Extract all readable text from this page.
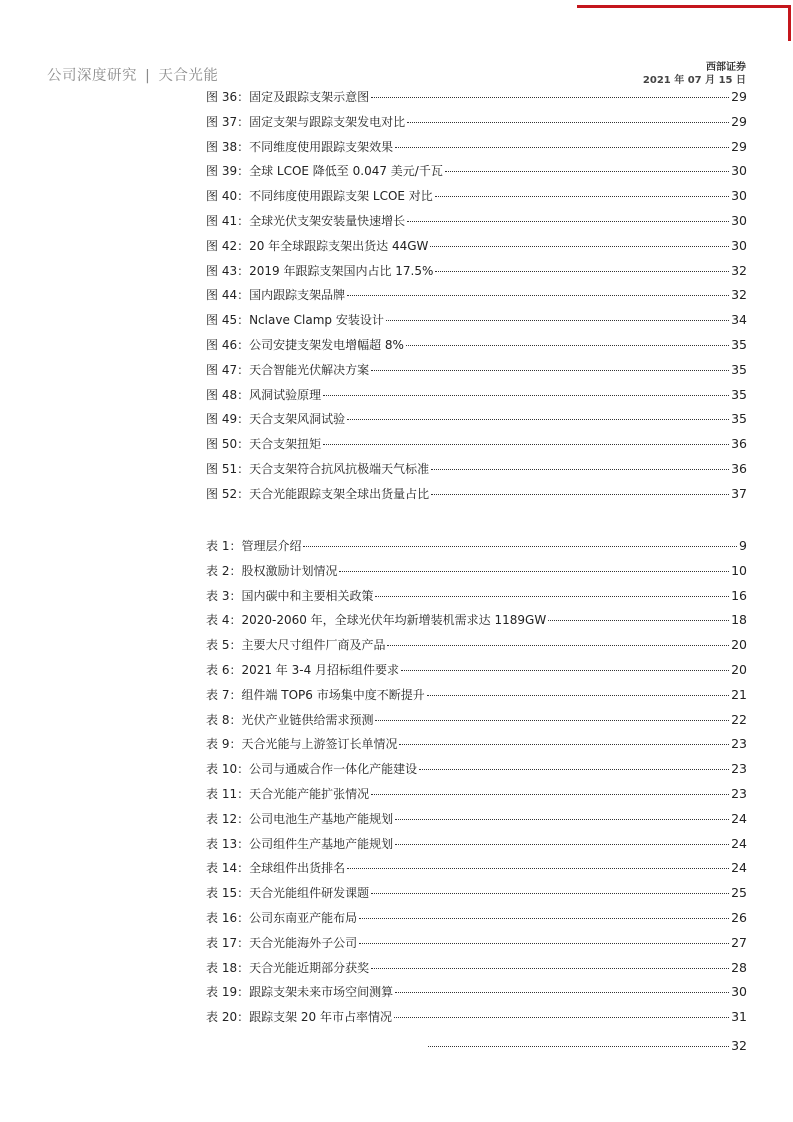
公司深度研究 | 天合光能
西部证券
2021 年 07 月 15 日
图 36：固定及跟踪支架示意图	29
图 37：固定支架与跟踪支架发电对比	29
图 38：不同维度使用跟踪支架效果	29
图 39：全球 LCOE 降低至 0.047 美元/千瓦	30
图 40：不同纬度使用跟踪支架 LCOE 对比	30
图 41：全球光伏支架安装量快速增长	30
图 42：20 年全球跟踪支架出货达 44GW	30
图 43：2019 年跟踪支架国内占比 17.5%	32
图 44：国内跟踪支架品牌	32
图 45：Nclave Clamp 安装设计	34
图 46：公司安捷支架发电增幅超 8%	35
图 47：天合智能光伏解决方案	35
图 48：风洞试验原理	35
图 49：天合支架风洞试验	35
图 50：天合支架扭矩	36
图 51：天合支架符合抗风抗极端天气标准	36
图 52：天合光能跟踪支架全球出货量占比	37
表 1：管理层介绍	9
表 2：股权激励计划情况	10
表 3：国内碳中和主要相关政策	16
表 4：2020-2060 年，全球光伏年均新增装机需求达 1189GW	18
表 5：主要大尺寸组件厂商及产品	20
表 6：2021 年 3-4 月招标组件要求	20
表 7：组件端 TOP6 市场集中度不断提升	21
表 8：光伏产业链供给需求预测	22
表 9：天合光能与上游签订长单情况	23
表 10：公司与通威合作一体化产能建设	23
表 11：天合光能产能扩张情况	23
表 12：公司电池生产基地产能规划	24
表 13：公司组件生产基地产能规划	24
表 14：全球组件出货排名	24
表 15：天合光能组件研发课题	25
表 16：公司东南亚产能布局	26
表 17：天合光能海外子公司	27
表 18：天合光能近期部分获奖	28
表 19：跟踪支架未来市场空间测算	30
表 20：跟踪支架 20 年市占率情况	31
32
